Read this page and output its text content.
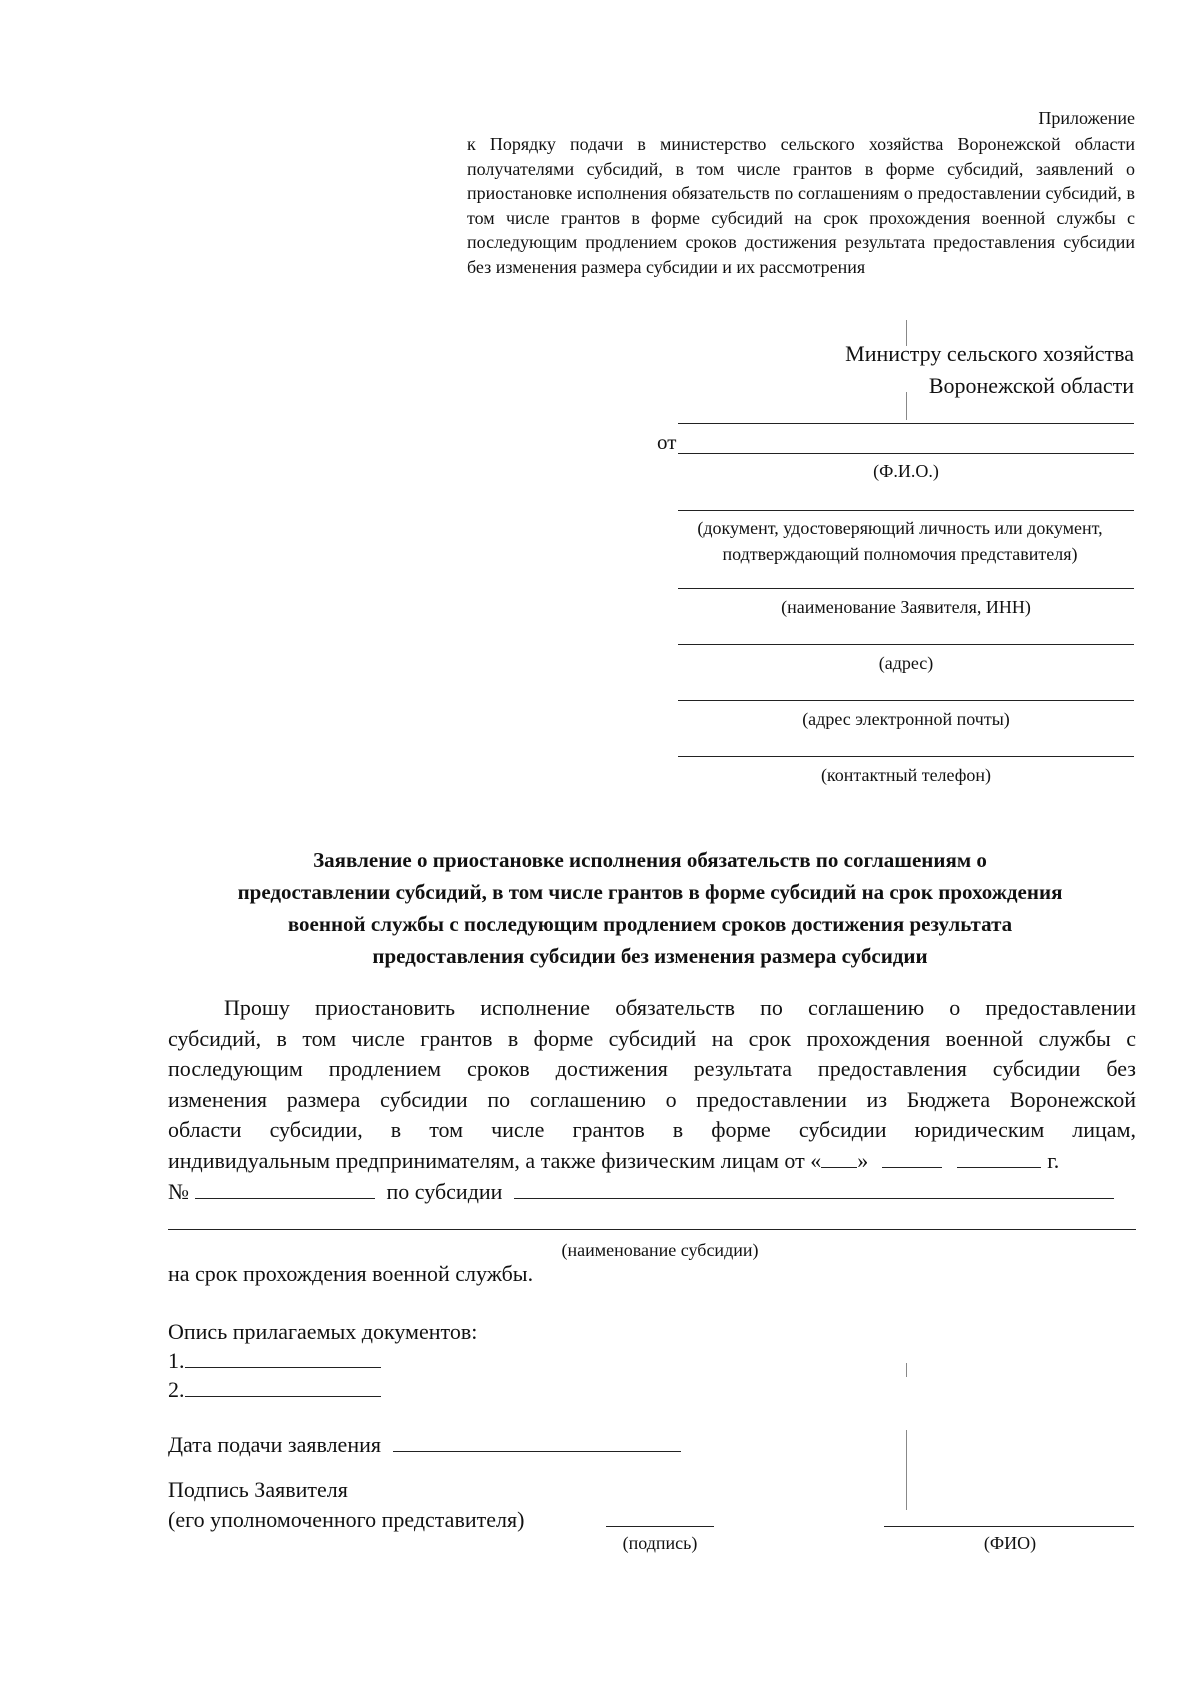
Приложение
к Порядку подачи в министерство сельского хозяйства Воронежской области получателями субсидий, в том числе грантов в форме субсидий, заявлений о приостановке исполнения обязательств по соглашениям о предоставлении субсидий, в том числе грантов в форме субсидий на срок прохождения военной службы с последующим продлением сроков достижения результата предоставления субсидии без изменения размера субсидии и их рассмотрения
Министру сельского хозяйства
Воронежской области
от
(Ф.И.О.)
(документ, удостоверяющий личность или документ,
подтверждающий полномочия представителя)
(наименование Заявителя, ИНН)
(адрес)
(адрес электронной почты)
(контактный телефон)
Заявление о приостановке исполнения обязательств по соглашениям о
предоставлении субсидий, в том числе грантов в форме субсидий на срок прохождения
военной службы с последующим продлением сроков достижения результата
предоставления субсидии без изменения размера субсидии

Прошу приостановить исполнение обязательств по соглашению о предоставлении

субсидий, в том числе грантов в форме субсидий на срок прохождения военной службы с

последующим продлением сроков достижения результата предоставления субсидии без

изменения размера субсидии по соглашению о предоставлении из Бюджета Воронежской

области субсидии, в том числе грантов в форме субсидии юридическим лицам,

индивидуальным предпринимателям, а также физическим лицам от « »	г.
№	по субсидии
(наименование субсидии)
на срок прохождения военной службы.
Опись прилагаемых документов:
1.
2.
Дата подачи заявления
Подпись Заявителя
(его уполномоченного представителя)
(подпись)	(ФИО)
